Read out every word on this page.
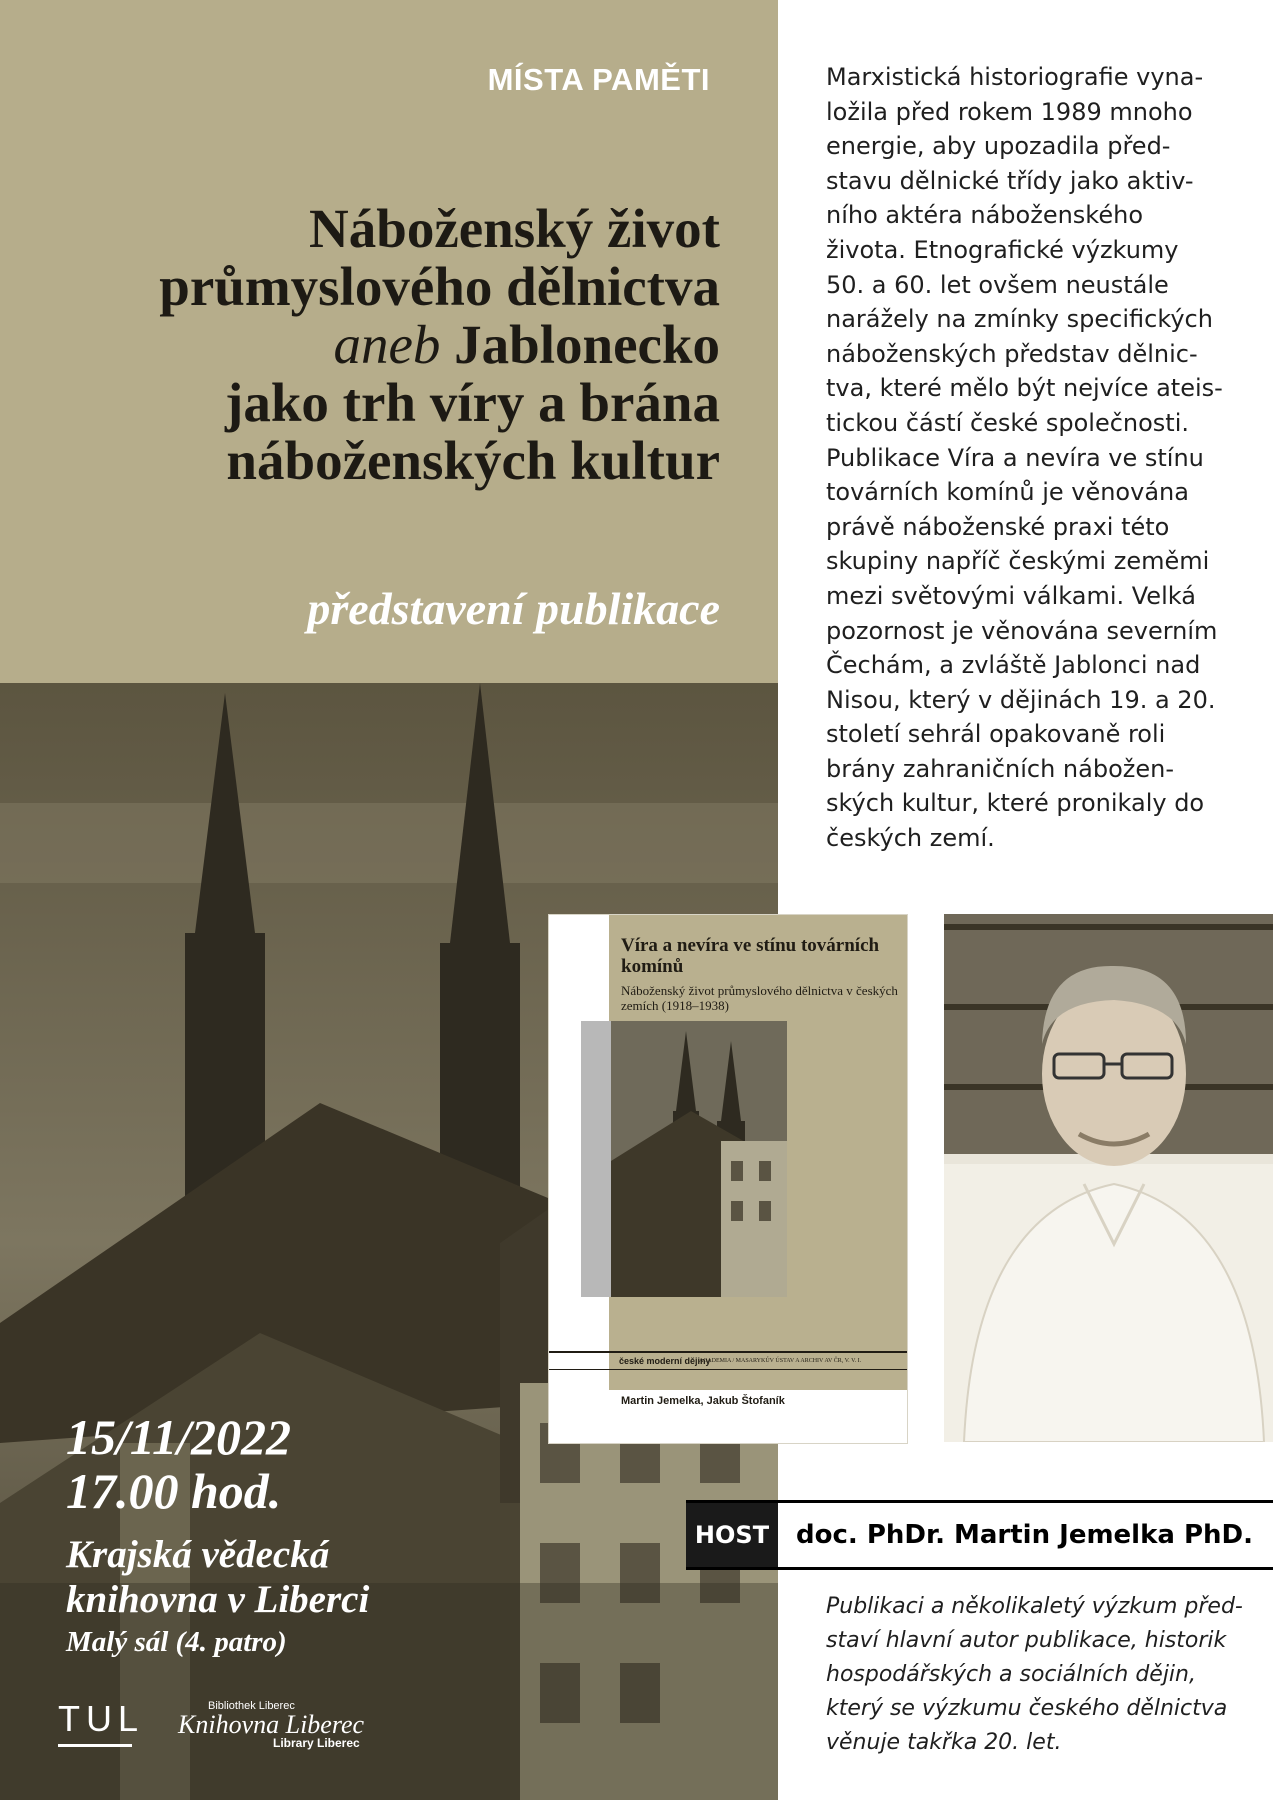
MÍSTA PAMĚTI
Náboženský život
průmyslového dělnictva
aneb Jablonecko
jako trh víry a brána
náboženských kultur
představení publikace
15/11/2022
17.00 hod.
Krajská vědecká
knihovna v Liberci
Malý sál (4. patro)
TUL	Bibliothek Liberec
Knihovna Liberec
Library Liberec
Marxistická historiografie vyna-
ložila před rokem 1989 mnoho
energie, aby upozadila před-
stavu dělnické třídy jako aktiv-
ního aktéra náboženského
života. Etnografické výzkumy
50. a 60. let ovšem neustále
narážely na zmínky specifických
náboženských představ dělnic-
tva, které mělo být nejvíce ateis-
tickou částí české společnosti.
Publikace Víra a nevíra ve stínu
továrních komínů je věnována
právě náboženské praxi této
skupiny napříč českými zeměmi
mezi světovými válkami. Velká
pozornost je věnována severním
Čechám, a zvláště Jablonci nad
Nisou, který v dějinách 19. a 20.
století sehrál opakovaně roli
brány zahraničních nábožen-
ských kultur, které pronikaly do
českých zemí.
Víra a nevíra ve stínu továrních komínů
Náboženský život průmyslového dělnictva v českých zemích (1918–1938)
české moderní dějiny
ACADEMIA / MASARYKŮV ÚSTAV A ARCHIV AV ČR, V. V. I.
Martin Jemelka, Jakub Štofaník
HOST	doc. PhDr. Martin Jemelka PhD.
Publikaci a několikaletý výzkum před-
staví hlavní autor publikace, historik
hospodářských a sociálních dějin,
který se výzkumu českého dělnictva
věnuje takřka 20. let.
